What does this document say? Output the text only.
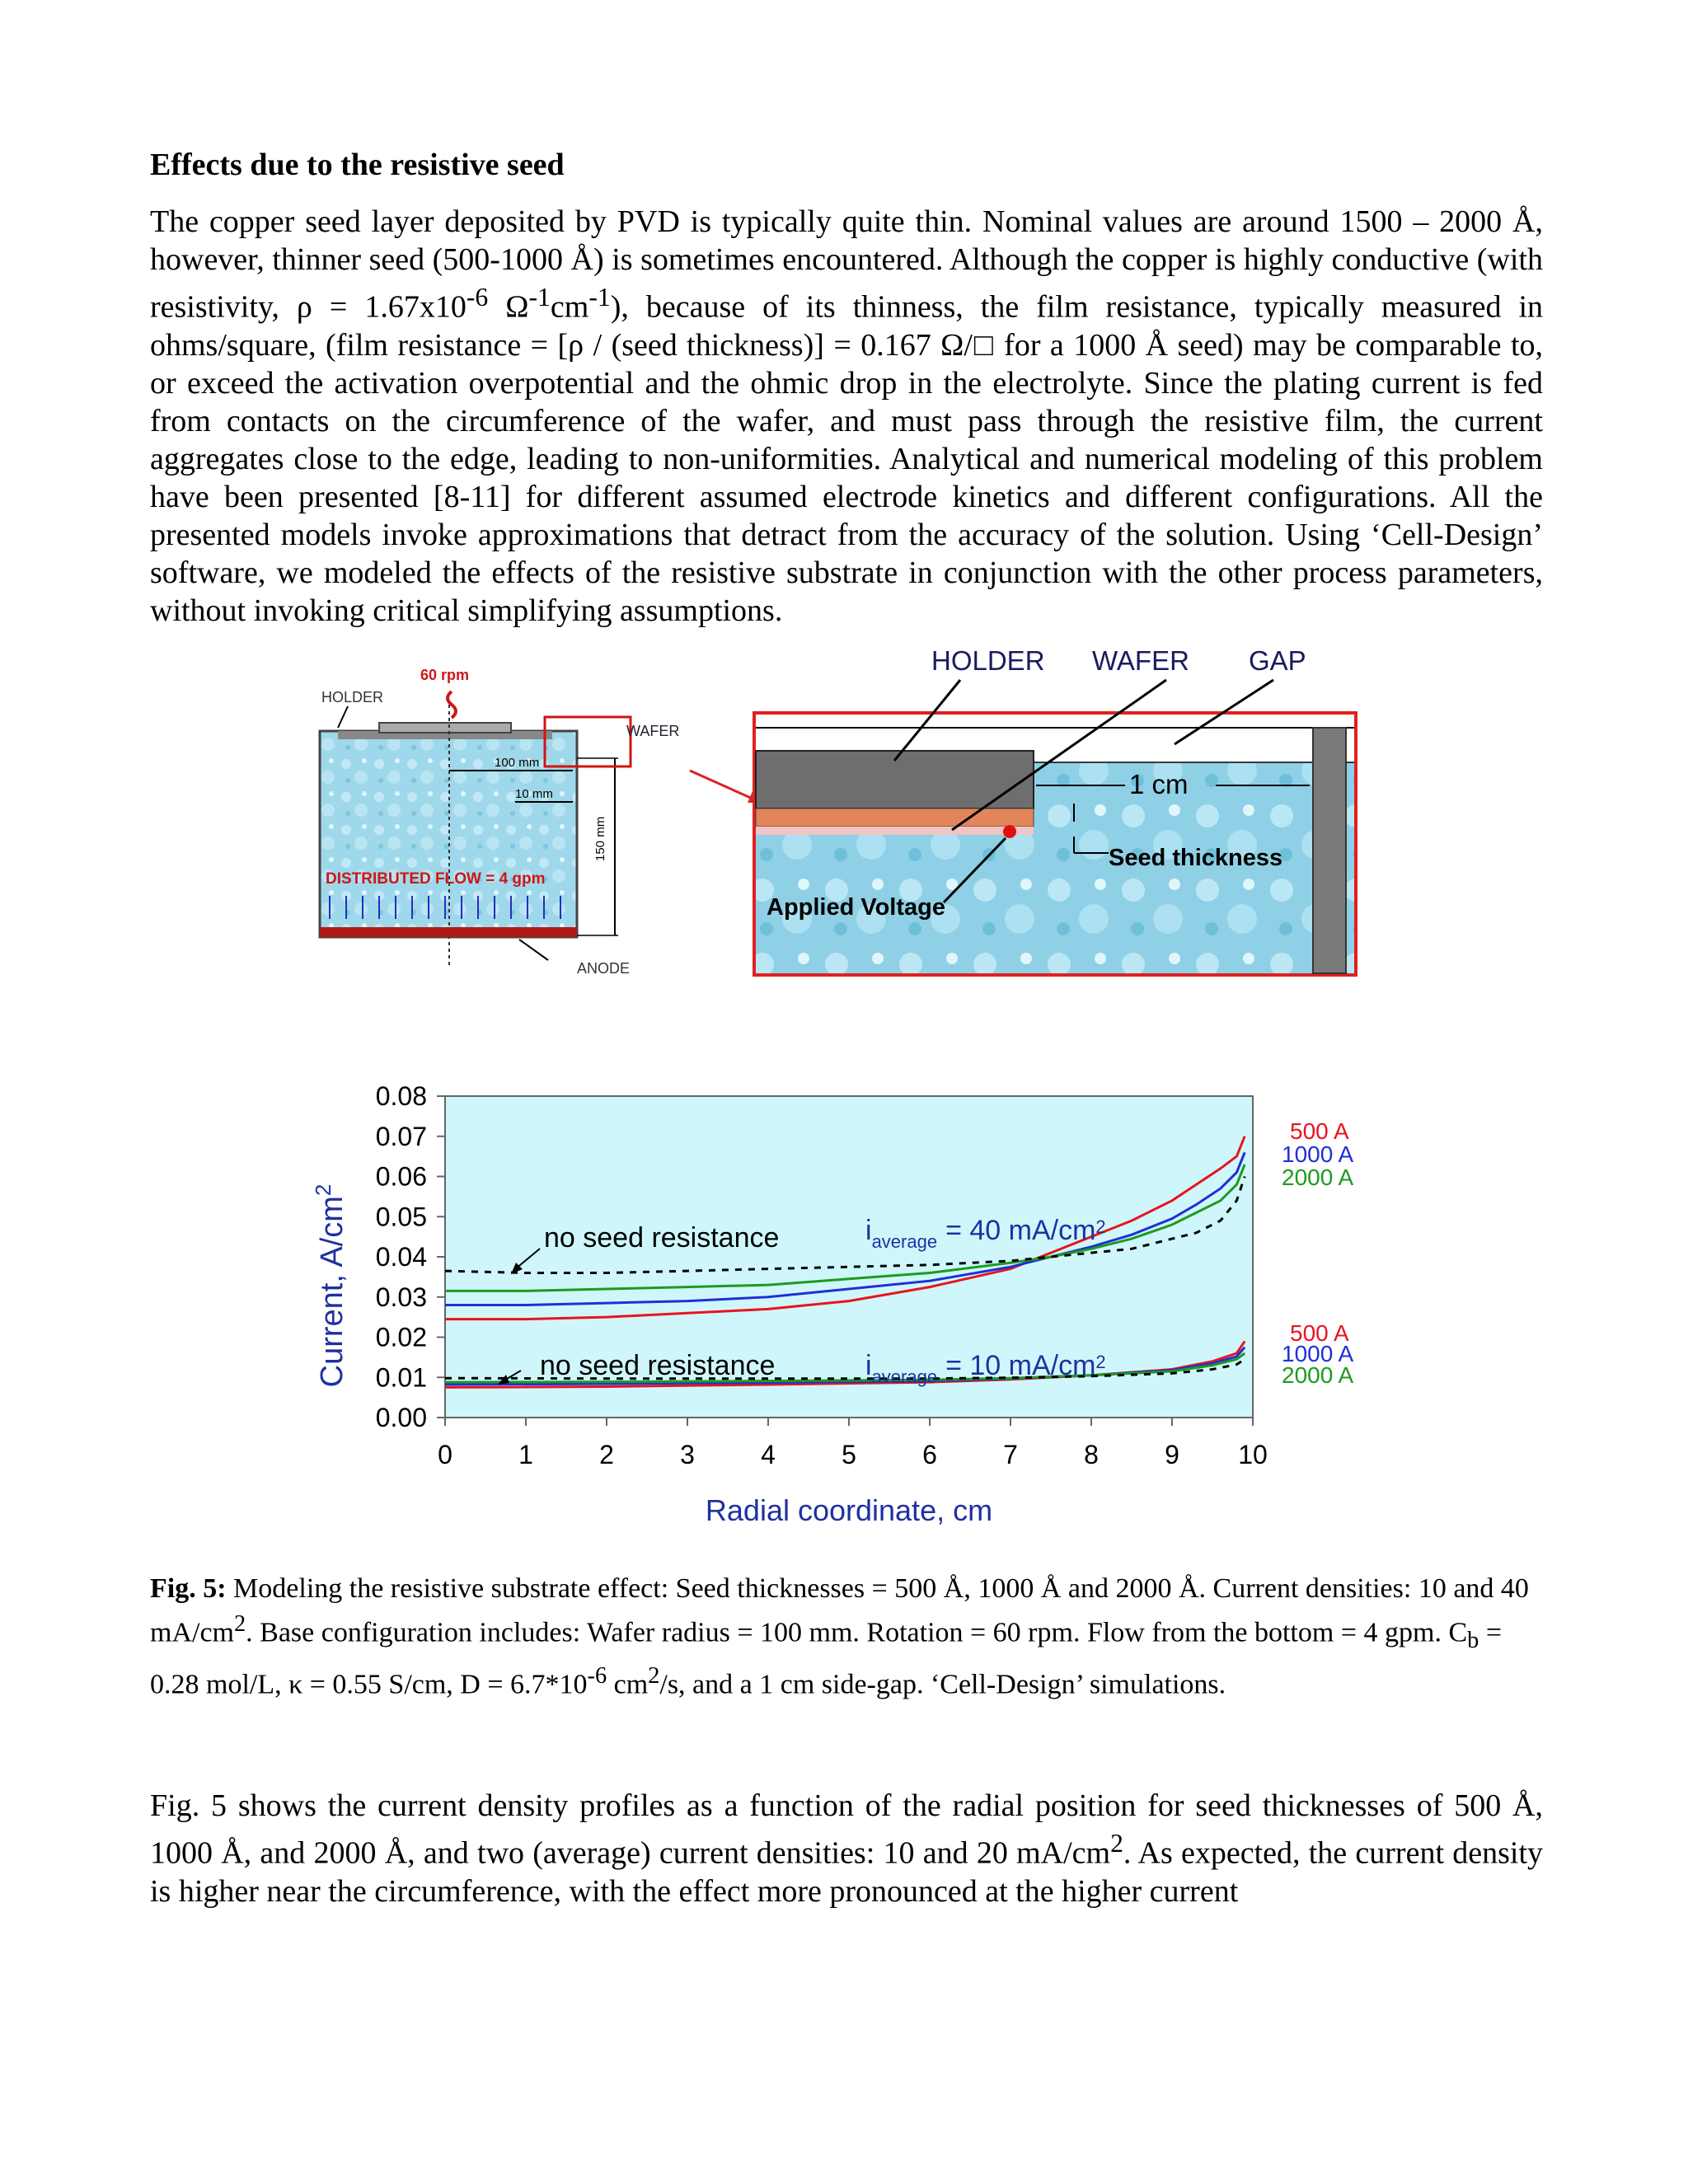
Effects due to the resistive seed

The copper seed layer deposited by PVD is typically quite thin. Nominal values are around 1500 – 2000 Å, however, thinner seed (500-1000 Å) is sometimes encountered. Although the copper is highly conductive (with resistivity, $\rho = 1.67x10^{-6}$ $\Omega^{-1}cm^{-1}$), because of its thinness, the film resistance, typically measured in ohms/square, (film resistance = [ρ / (seed thickness)] = 0.167 Ω/□ for a 1000 Å seed) may be comparable to, or exceed the activation overpotential and the ohmic drop in the electrolyte. Since the plating current is fed from contacts on the circumference of the wafer, and must pass through the resistive film, the current aggregates close to the edge, leading to non-uniformities. Analytical and numerical modeling of this problem have been presented [8-11] for different assumed electrode kinetics and different configurations. All the presented models invoke approximations that detract from the accuracy of the solution. Using ‘Cell-Design’ software, we modeled the effects of the resistive substrate in conjunction with the other process parameters, without invoking critical simplifying assumptions.

HOLDER
60 rpm
100 mm
10 mm
150 mm
WAFER
DISTRIBUTED FLOW = 4 gpm
ANODE
HOLDER WAFER GAP
1 cm
Seed thickness
Applied Voltage
0.00
0.01
0.02
0.03
0.04
0.05
0.06
0.07
0.08
0	1	2	3	4	5	6	7	8	9 10
Current, $A/cm^2$
Radial coordinate, cm
no seed resistance	$i_{average} = 40$ $mA/cm^2$
no seed resistance	$i_{average} = 10$ $mA/cm^2$
500 A
1000 A
2000 A
500 A
1000 A
2000 A

Fig. 5: Modeling the resistive substrate effect: Seed thicknesses = 500 Å, 1000 Å and 2000 Å. Current densities: 10 and 40 $mA/cm^2$. Base configuration includes: Wafer radius = 100 mm. Rotation = 60 rpm. Flow from the bottom = 4 gpm. $C_b = 0.28$ mol/L, κ = 0.55 S/cm, $D = 6.7*10^{-6}$ $cm^2/s$, and a 1 cm side-gap. ‘Cell-Design’ simulations.

Fig. 5 shows the current density profiles as a function of the radial position for seed thicknesses of 500 Å, 1000 Å, and 2000 Å, and two (average) current densities: 10 and 20 $mA/cm^2$. As expected, the current density is higher near the circumference, with the effect more pronounced at the higher current
